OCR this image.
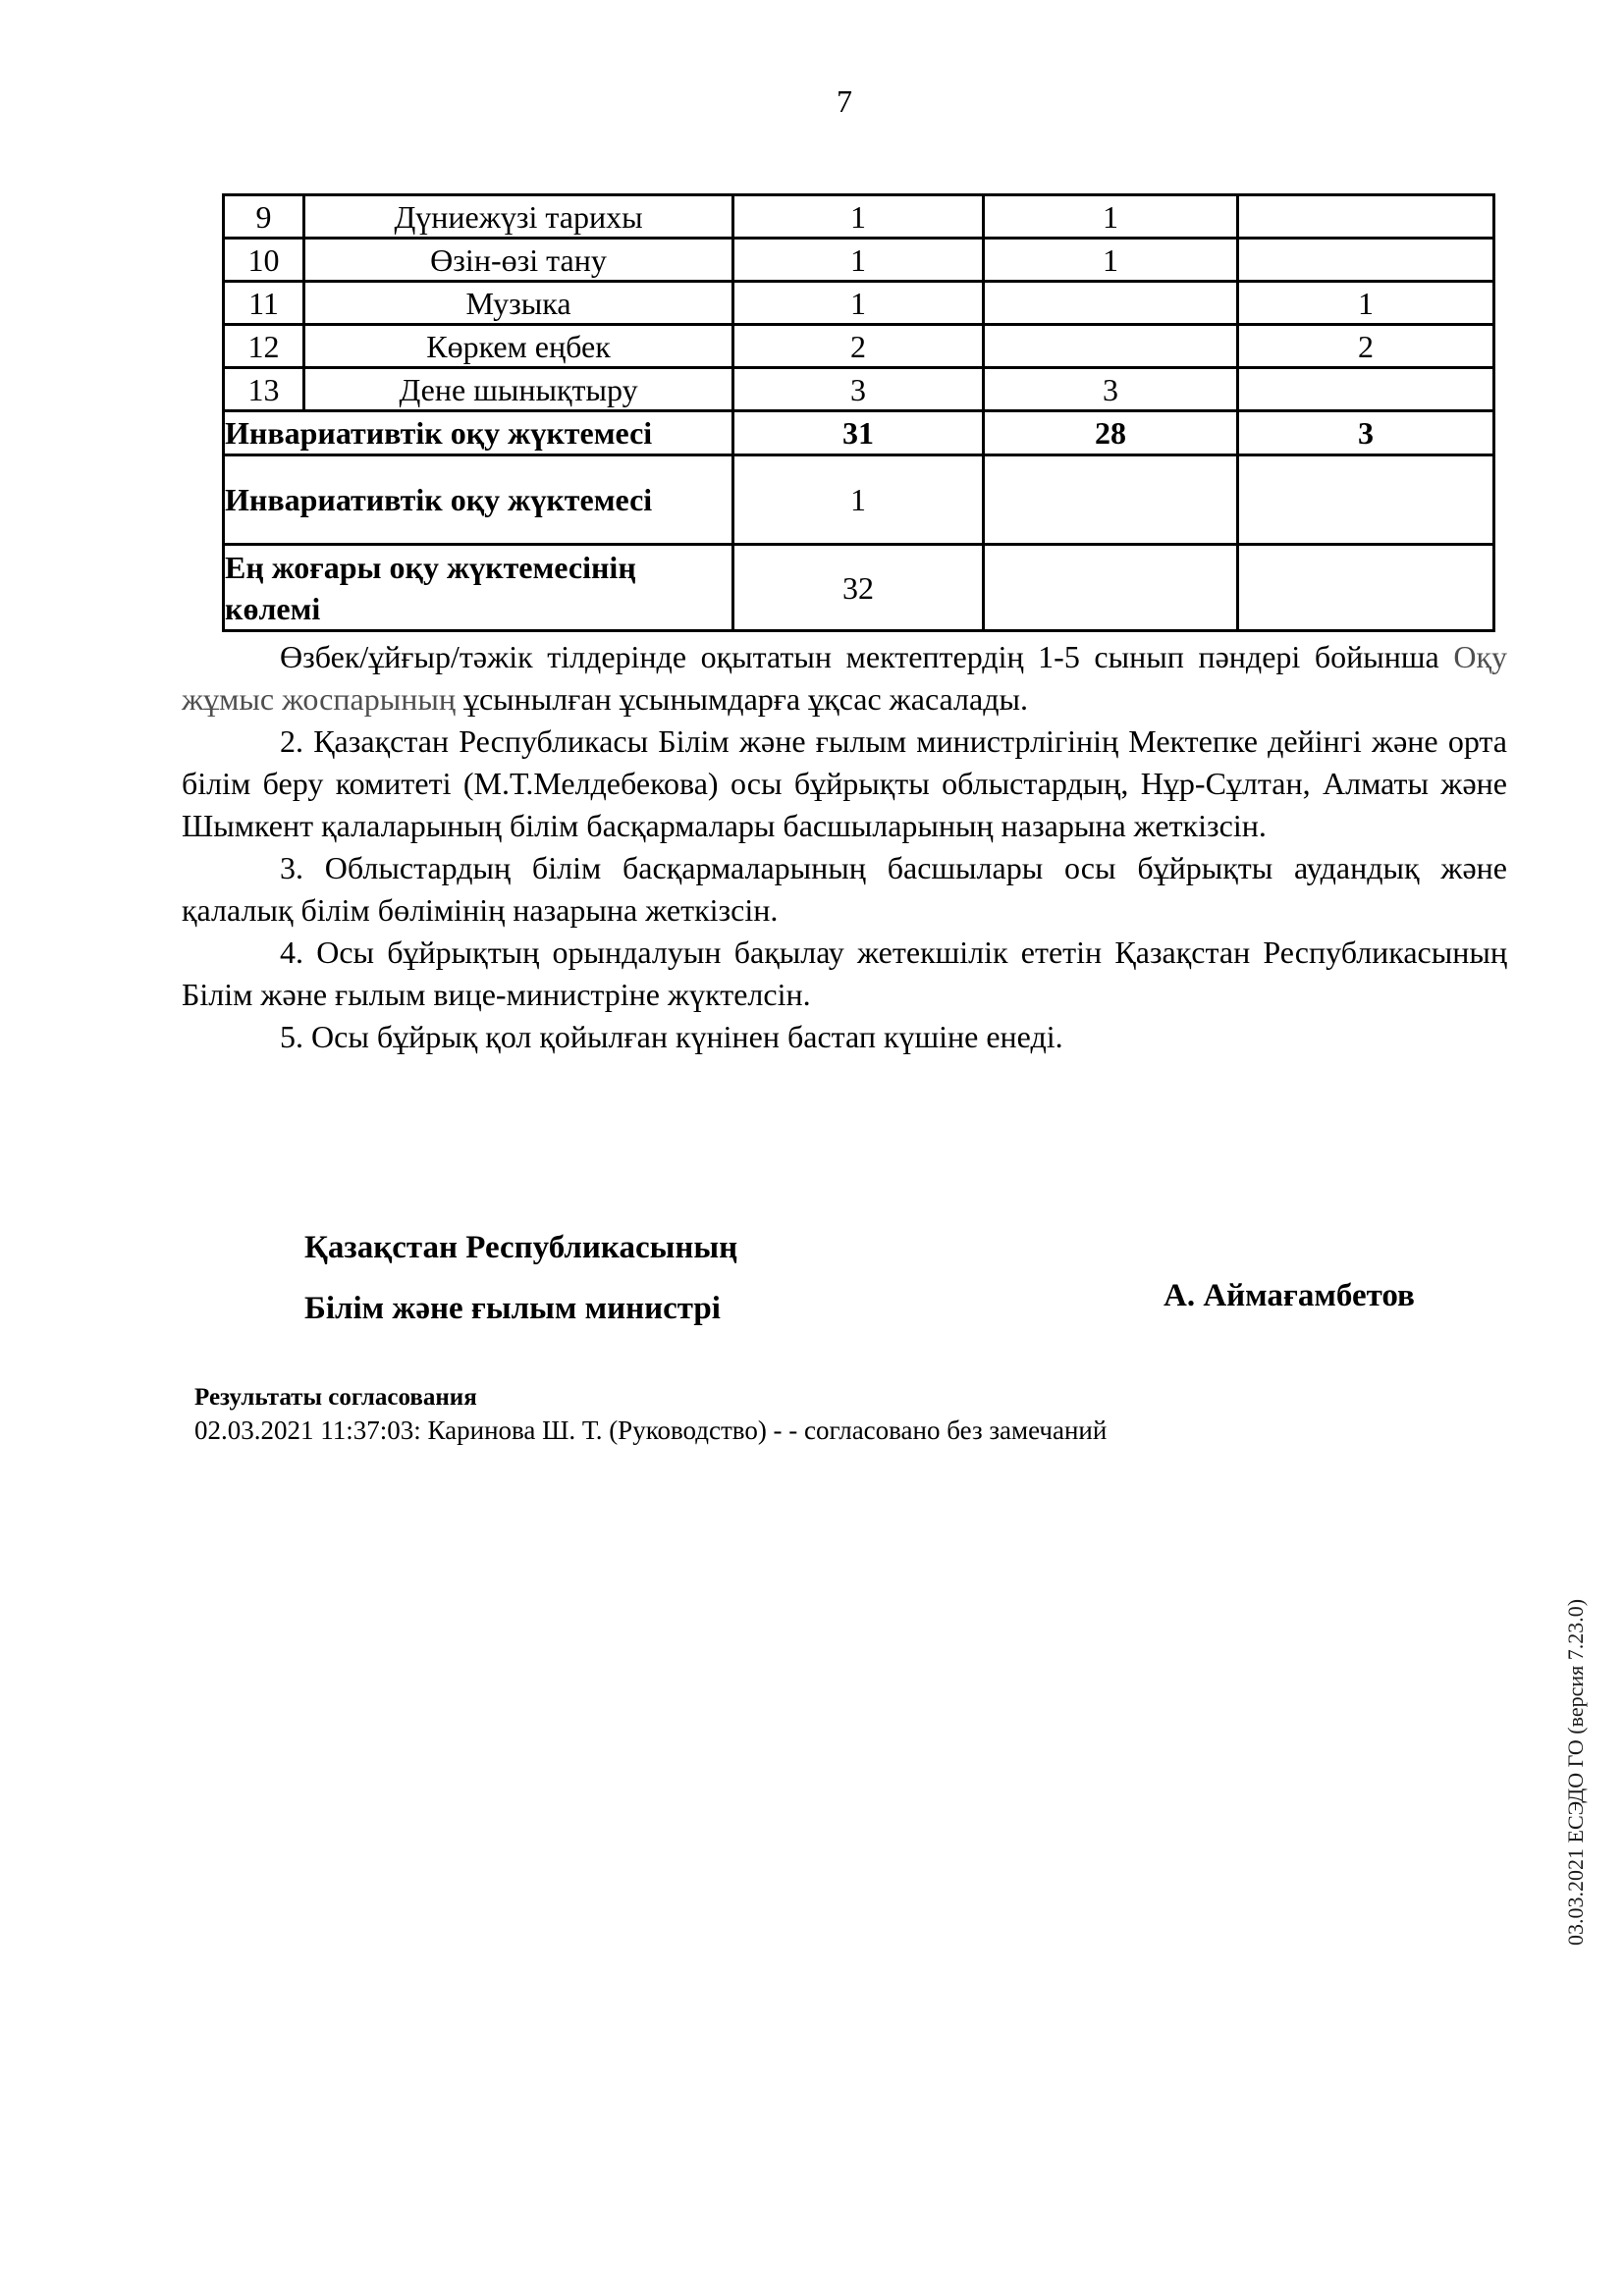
7
9	Дүниежүзі тарихы	1	1	
10	Өзін-өзі тану	1	1	
11	Музыка	1		1
12	Көркем еңбек	2		2
13	Дене шынықтыру	3	3	
Инвариативтік оқу жүктемесі		31	28	3
Инвариативтік оқу жүктемесі		1		
Ең жоғары оқу жүктемесінің көлемі		32		

Өзбек/ұйғыр/тәжік тілдерінде оқытатын мектептердің 1-5 сынып пәндері бойынша Оқу жұмыс жоспарының ұсынылған ұсынымдарға ұқсас жасалады.

2. Қазақстан Республикасы Білім және ғылым министрлігінің Мектепке дейінгі және орта білім беру комитеті (М.Т.Мелдебекова) осы бұйрықты облыстардың, Нұр-Сұлтан, Алматы және Шымкент қалаларының білім басқармалары басшыларының назарына жеткізсін.

3. Облыстардың білім басқармаларының басшылары осы бұйрықты аудандық және қалалық білім бөлімінің назарына жеткізсін.

4. Осы бұйрықтың орындалуын бақылау жетекшілік ететін Қазақстан Республикасының Білім және ғылым вице-министріне жүктелсін.

5. Осы бұйрық қол қойылған күнінен бастап күшіне енеді.

Қазақстан Республикасының
Білім және ғылым министрі	А. Аймағамбетов
Результаты согласования
02.03.2021 11:37:03: Каринова Ш. Т. (Руководство) - - согласовано без замечаний
03.03.2021 ЕСЭДО ГО (версия 7.23.0)
